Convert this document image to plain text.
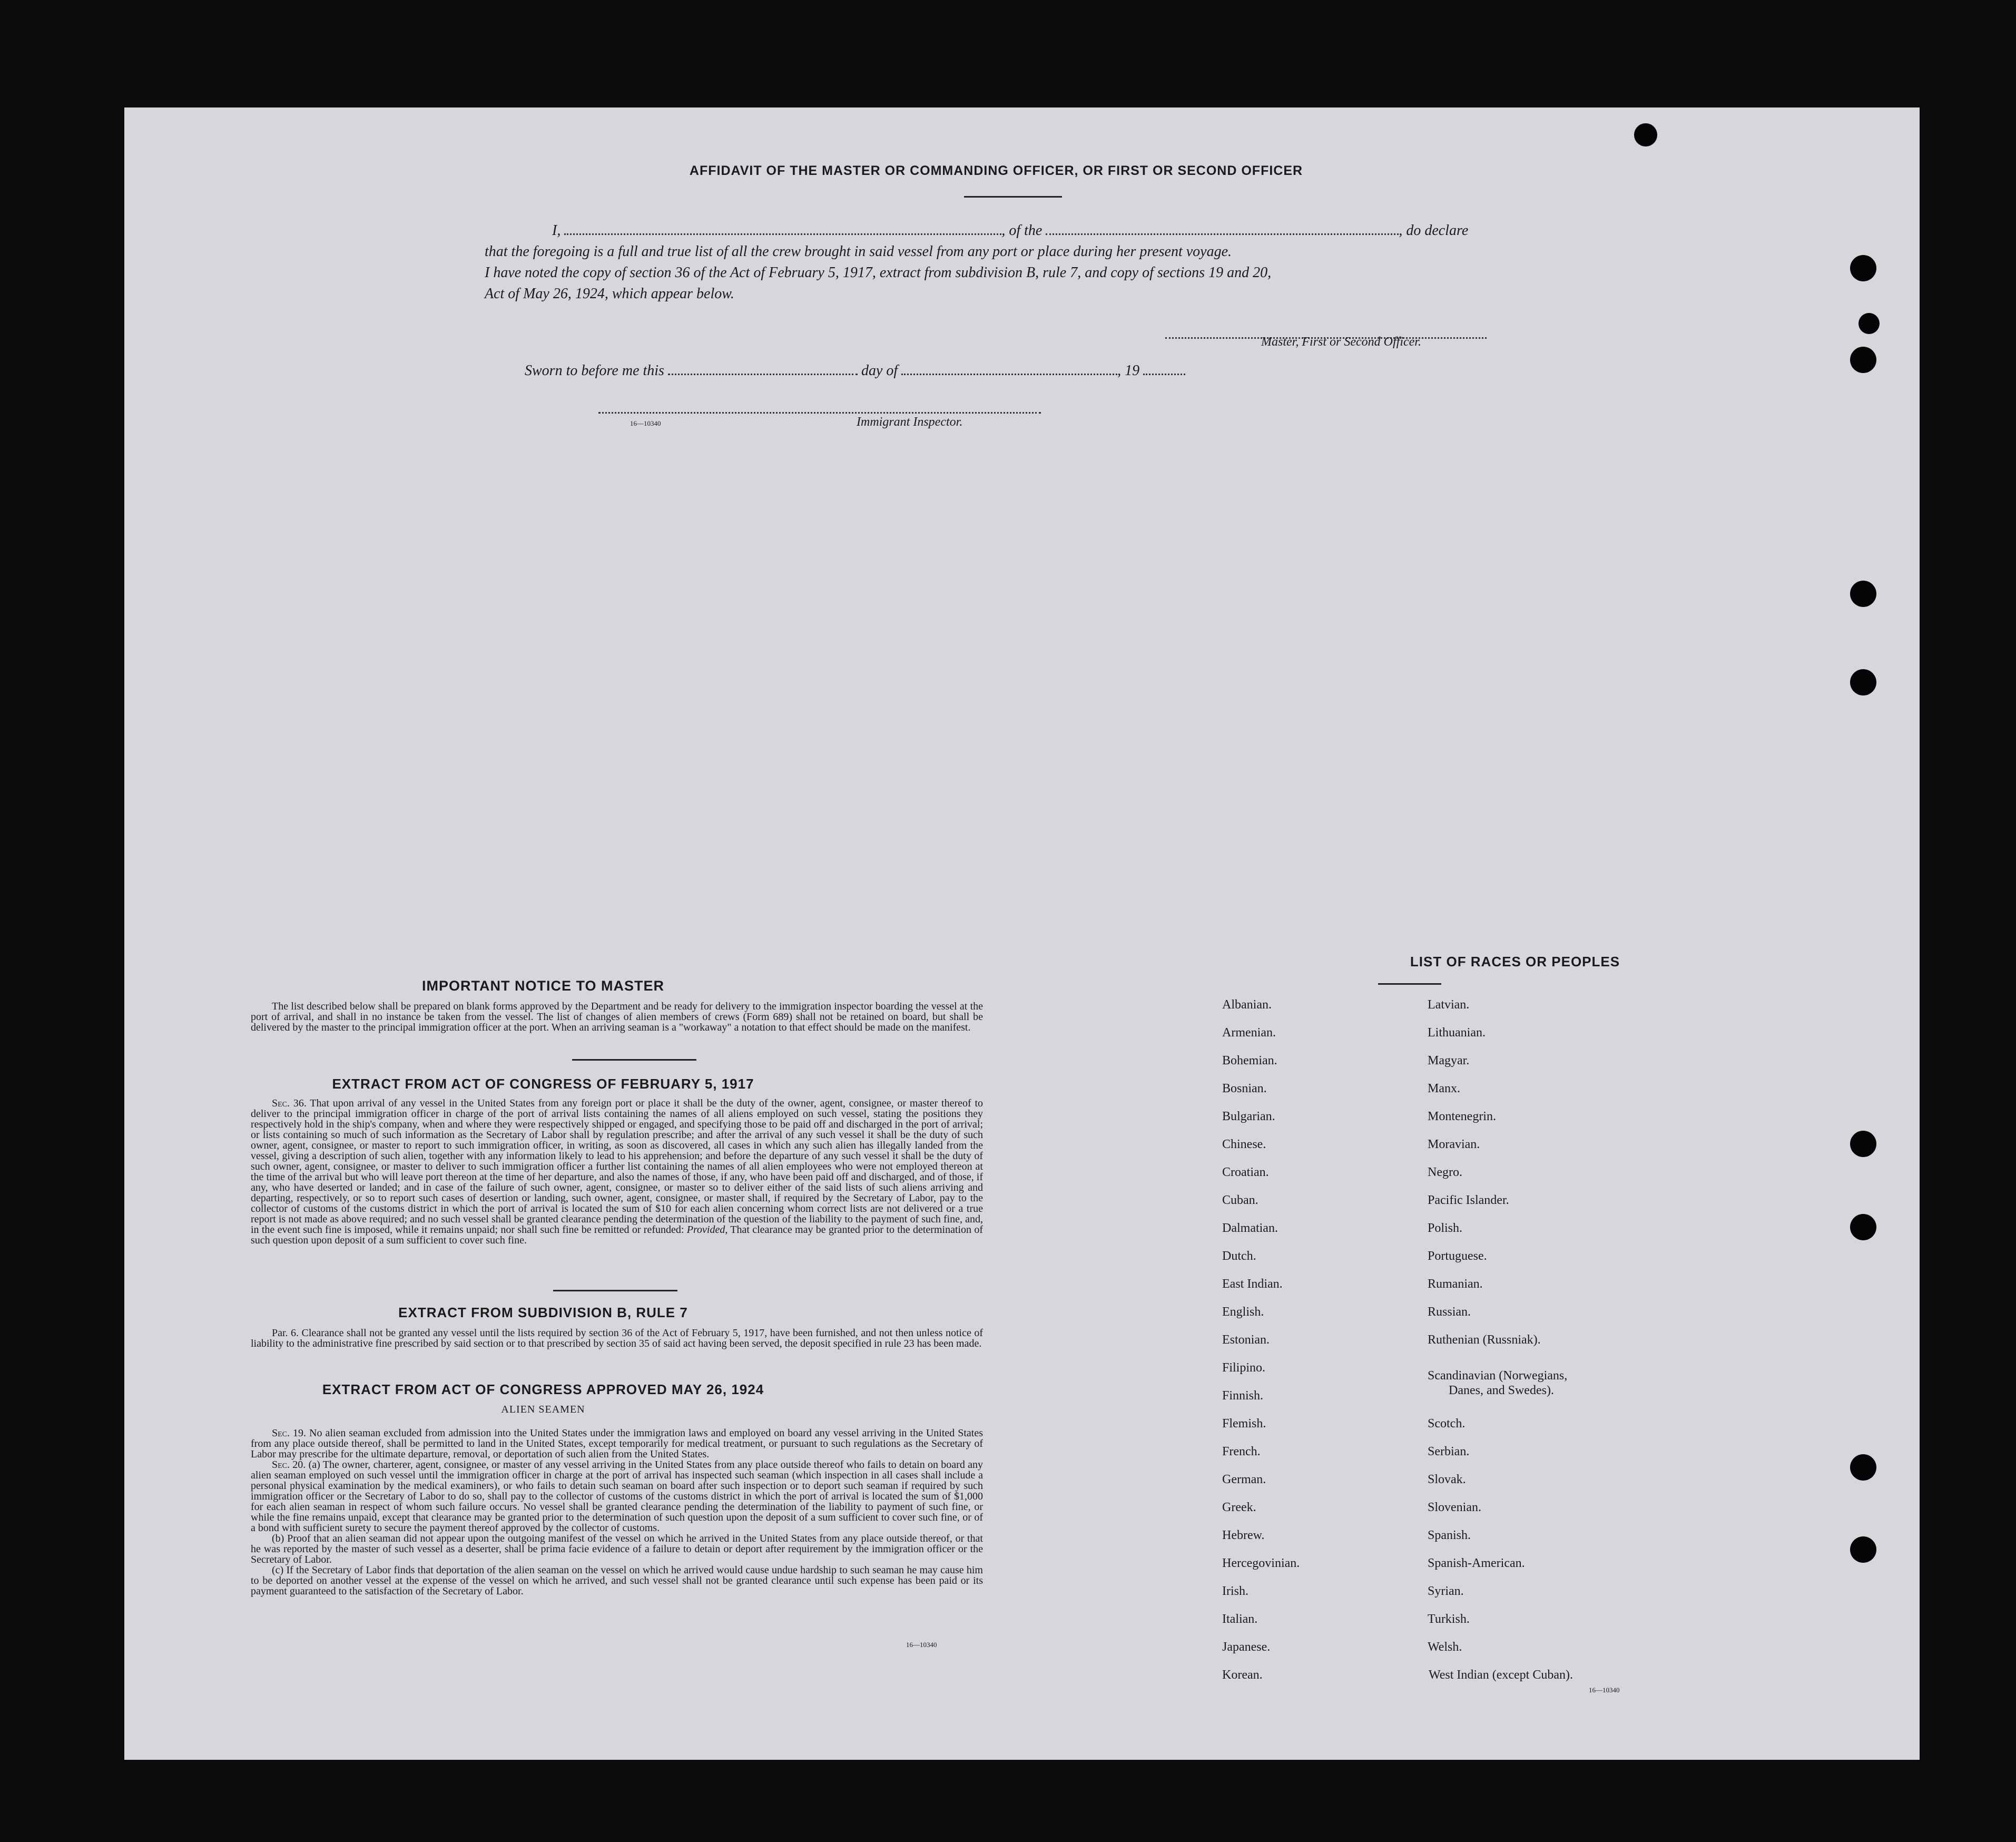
AFFIDAVIT OF THE MASTER OR COMMANDING OFFICER, OR FIRST OR SECOND OFFICER
I,	, of the	, do declare
that the foregoing is a full and true list of all the crew brought in said vessel from any port or place during her present voyage.
I have noted the copy of section 36 of the Act of February 5, 1917, extract from subdivision B, rule 7, and copy of sections 19 and 20,
Act of May 26, 1924, which appear below.
Master, First or Second Officer.
Sworn to before me this	day of	, 19
16—10340	Immigrant Inspector.
IMPORTANT NOTICE TO MASTER

The list described below shall be prepared on blank forms approved by the Department and be ready for delivery to the immigration inspector boarding the vessel at the port of arrival, and shall in no instance be taken from the vessel. The list of changes of alien members of crews (Form 689) shall not be retained on board, but shall be delivered by the master to the principal immigration officer at the port. When an arriving seaman is a "workaway" a notation to that effect should be made on the manifest.

EXTRACT FROM ACT OF CONGRESS OF FEBRUARY 5, 1917

Sec. 36. That upon arrival of any vessel in the United States from any foreign port or place it shall be the duty of the owner, agent, consignee, or master thereof to deliver to the principal immigration officer in charge of the port of arrival lists containing the names of all aliens employed on such vessel, stating the positions they respectively hold in the ship's company, when and where they were respectively shipped or engaged, and specifying those to be paid off and discharged in the port of arrival; or lists containing so much of such information as the Secretary of Labor shall by regulation prescribe; and after the arrival of any such vessel it shall be the duty of such owner, agent, consignee, or master to report to such immigration officer, in writing, as soon as discovered, all cases in which any such alien has illegally landed from the vessel, giving a description of such alien, together with any information likely to lead to his apprehension; and before the departure of any such vessel it shall be the duty of such owner, agent, consignee, or master to deliver to such immigration officer a further list containing the names of all alien employees who were not employed thereon at the time of the arrival but who will leave port thereon at the time of her departure, and also the names of those, if any, who have been paid off and discharged, and of those, if any, who have deserted or landed; and in case of the failure of such owner, agent, consignee, or master so to deliver either of the said lists of such aliens arriving and departing, respectively, or so to report such cases of desertion or landing, such owner, agent, consignee, or master shall, if required by the Secretary of Labor, pay to the collector of customs of the customs district in which the port of arrival is located the sum of $10 for each alien concerning whom correct lists are not delivered or a true report is not made as above required; and no such vessel shall be granted clearance pending the determination of the question of the liability to the payment of such fine, and, in the event such fine is imposed, while it remains unpaid; nor shall such fine be remitted or refunded: Provided, That clearance may be granted prior to the determination of such question upon deposit of a sum sufficient to cover such fine.

EXTRACT FROM SUBDIVISION B, RULE 7

Par. 6. Clearance shall not be granted any vessel until the lists required by section 36 of the Act of February 5, 1917, have been furnished, and not then unless notice of liability to the administrative fine prescribed by said section or to that prescribed by section 35 of said act having been served, the deposit specified in rule 23 has been made.

EXTRACT FROM ACT OF CONGRESS APPROVED MAY 26, 1924
ALIEN SEAMEN

Sec. 19. No alien seaman excluded from admission into the United States under the immigration laws and employed on board any vessel arriving in the United States from any place outside thereof, shall be permitted to land in the United States, except temporarily for medical treatment, or pursuant to such regulations as the Secretary of Labor may prescribe for the ultimate departure, removal, or deportation of such alien from the United States.

Sec. 20. (a) The owner, charterer, agent, consignee, or master of any vessel arriving in the United States from any place outside thereof who fails to detain on board any alien seaman employed on such vessel until the immigration officer in charge at the port of arrival has inspected such seaman (which inspection in all cases shall include a personal physical examination by the medical examiners), or who fails to detain such seaman on board after such inspection or to deport such seaman if required by such immigration officer or the Secretary of Labor to do so, shall pay to the collector of customs of the customs district in which the port of arrival is located the sum of $1,000 for each alien seaman in respect of whom such failure occurs. No vessel shall be granted clearance pending the determination of the liability to payment of such fine, or while the fine remains unpaid, except that clearance may be granted prior to the determination of such question upon the deposit of a sum sufficient to cover such fine, or of a bond with sufficient surety to secure the payment thereof approved by the collector of customs.

(b) Proof that an alien seaman did not appear upon the outgoing manifest of the vessel on which he arrived in the United States from any place outside thereof, or that he was reported by the master of such vessel as a deserter, shall be prima facie evidence of a failure to detain or deport after requirement by the immigration officer or the Secretary of Labor.

(c) If the Secretary of Labor finds that deportation of the alien seaman on the vessel on which he arrived would cause undue hardship to such seaman he may cause him to be deported on another vessel at the expense of the vessel on which he arrived, and such vessel shall not be granted clearance until such expense has been paid or its payment guaranteed to the satisfaction of the Secretary of Labor.

16—10340
LIST OF RACES OR PEOPLES
Albanian.
Armenian.
Bohemian.
Bosnian.
Bulgarian.
Chinese.
Croatian.
Cuban.
Dalmatian.
Dutch.
East Indian.
English.
Estonian.
Filipino.
Finnish.
Flemish.
French.
German.
Greek.
Hebrew.
Hercegovinian.
Irish.
Italian.
Japanese.
Korean.
Latvian.
Lithuanian.
Magyar.
Manx.
Montenegrin.
Moravian.
Negro.
Pacific Islander.
Polish.
Portuguese.
Rumanian.
Russian.
Ruthenian (Russniak).
Scandinavian (Norwegians,
Danes, and Swedes).
Scotch.
Serbian.
Slovak.
Slovenian.
Spanish.
Spanish-American.
Syrian.
Turkish.
Welsh.
West Indian (except Cuban).
16—10340
